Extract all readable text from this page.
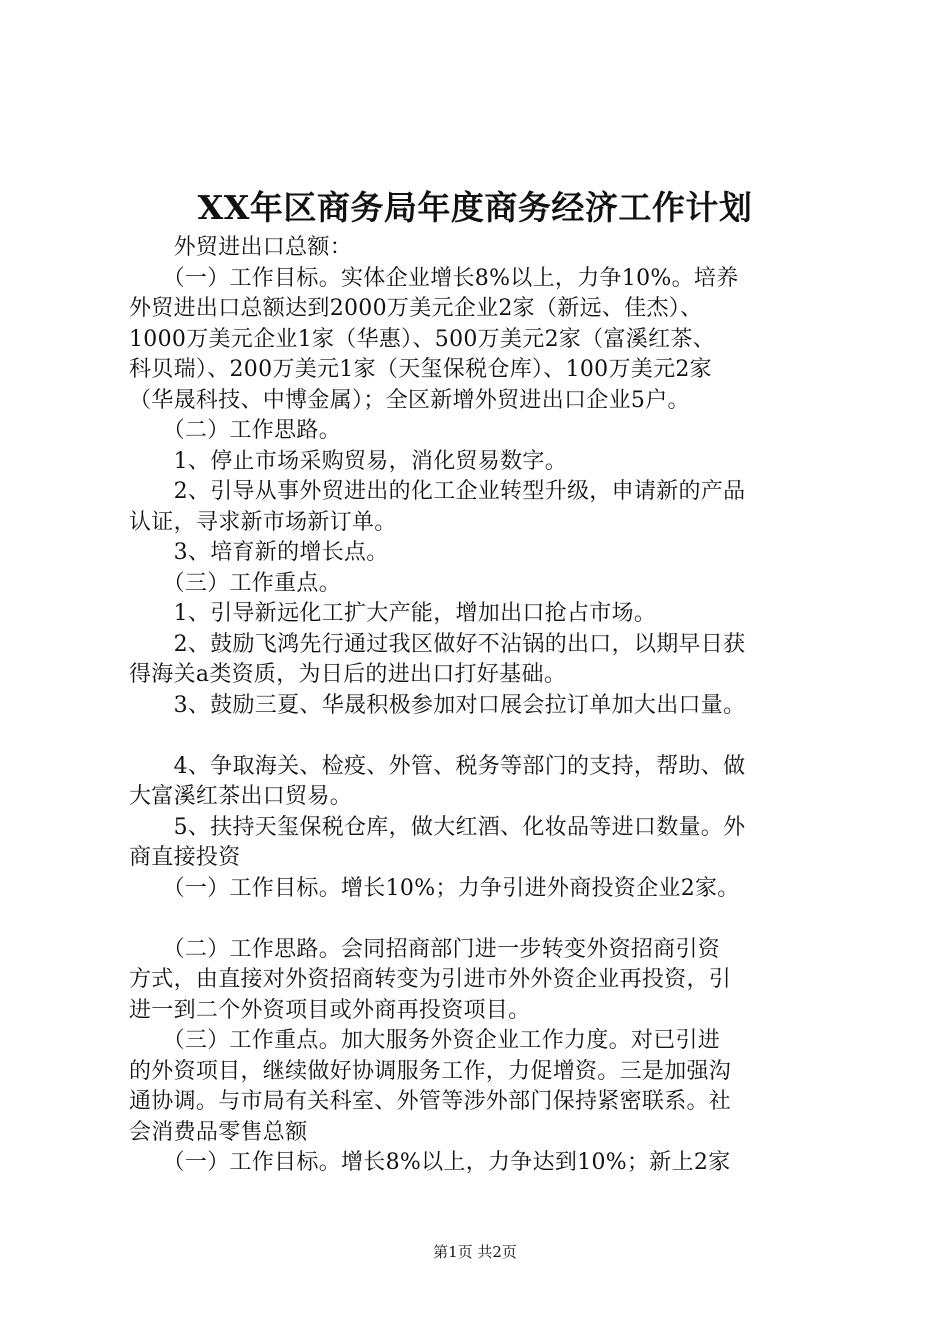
XX年区商务局年度商务经济工作计划
　　外贸进出口总额：
　　（一）工作目标。实体企业增长8%以上，力争10%。培养
外贸进出口总额达到2000万美元企业2家（新远、佳杰）、
1000万美元企业1家（华惠）、500万美元2家（富溪红茶、
科贝瑞）、200万美元1家（天玺保税仓库）、100万美元2家
（华晟科技、中博金属）；全区新增外贸进出口企业5户。
　　（二）工作思路。
　　1、停止市场采购贸易，消化贸易数字。
　　2、引导从事外贸进出的化工企业转型升级，申请新的产品
认证，寻求新市场新订单。
　　3、培育新的增长点。
　　（三）工作重点。
　　1、引导新远化工扩大产能，增加出口抢占市场。
　　2、鼓励飞鸿先行通过我区做好不沾锅的出口，以期早日获
得海关a类资质，为日后的进出口打好基础。
　　3、鼓励三夏、华晟积极参加对口展会拉订单加大出口量。
　　4、争取海关、检疫、外管、税务等部门的支持，帮助、做
大富溪红茶出口贸易。
　　5、扶持天玺保税仓库，做大红酒、化妆品等进口数量。外
商直接投资
　　（一）工作目标。增长10%；力争引进外商投资企业2家。
　　（二）工作思路。会同招商部门进一步转变外资招商引资
方式，由直接对外资招商转变为引进市外外资企业再投资，引
进一到二个外资项目或外商再投资项目。
　　（三）工作重点。加大服务外资企业工作力度。对已引进
的外资项目，继续做好协调服务工作，力促增资。三是加强沟
通协调。与市局有关科室、外管等涉外部门保持紧密联系。社
会消费品零售总额
　　（一）工作目标。增长8%以上，力争达到10%；新上2家
第1页 共2页
